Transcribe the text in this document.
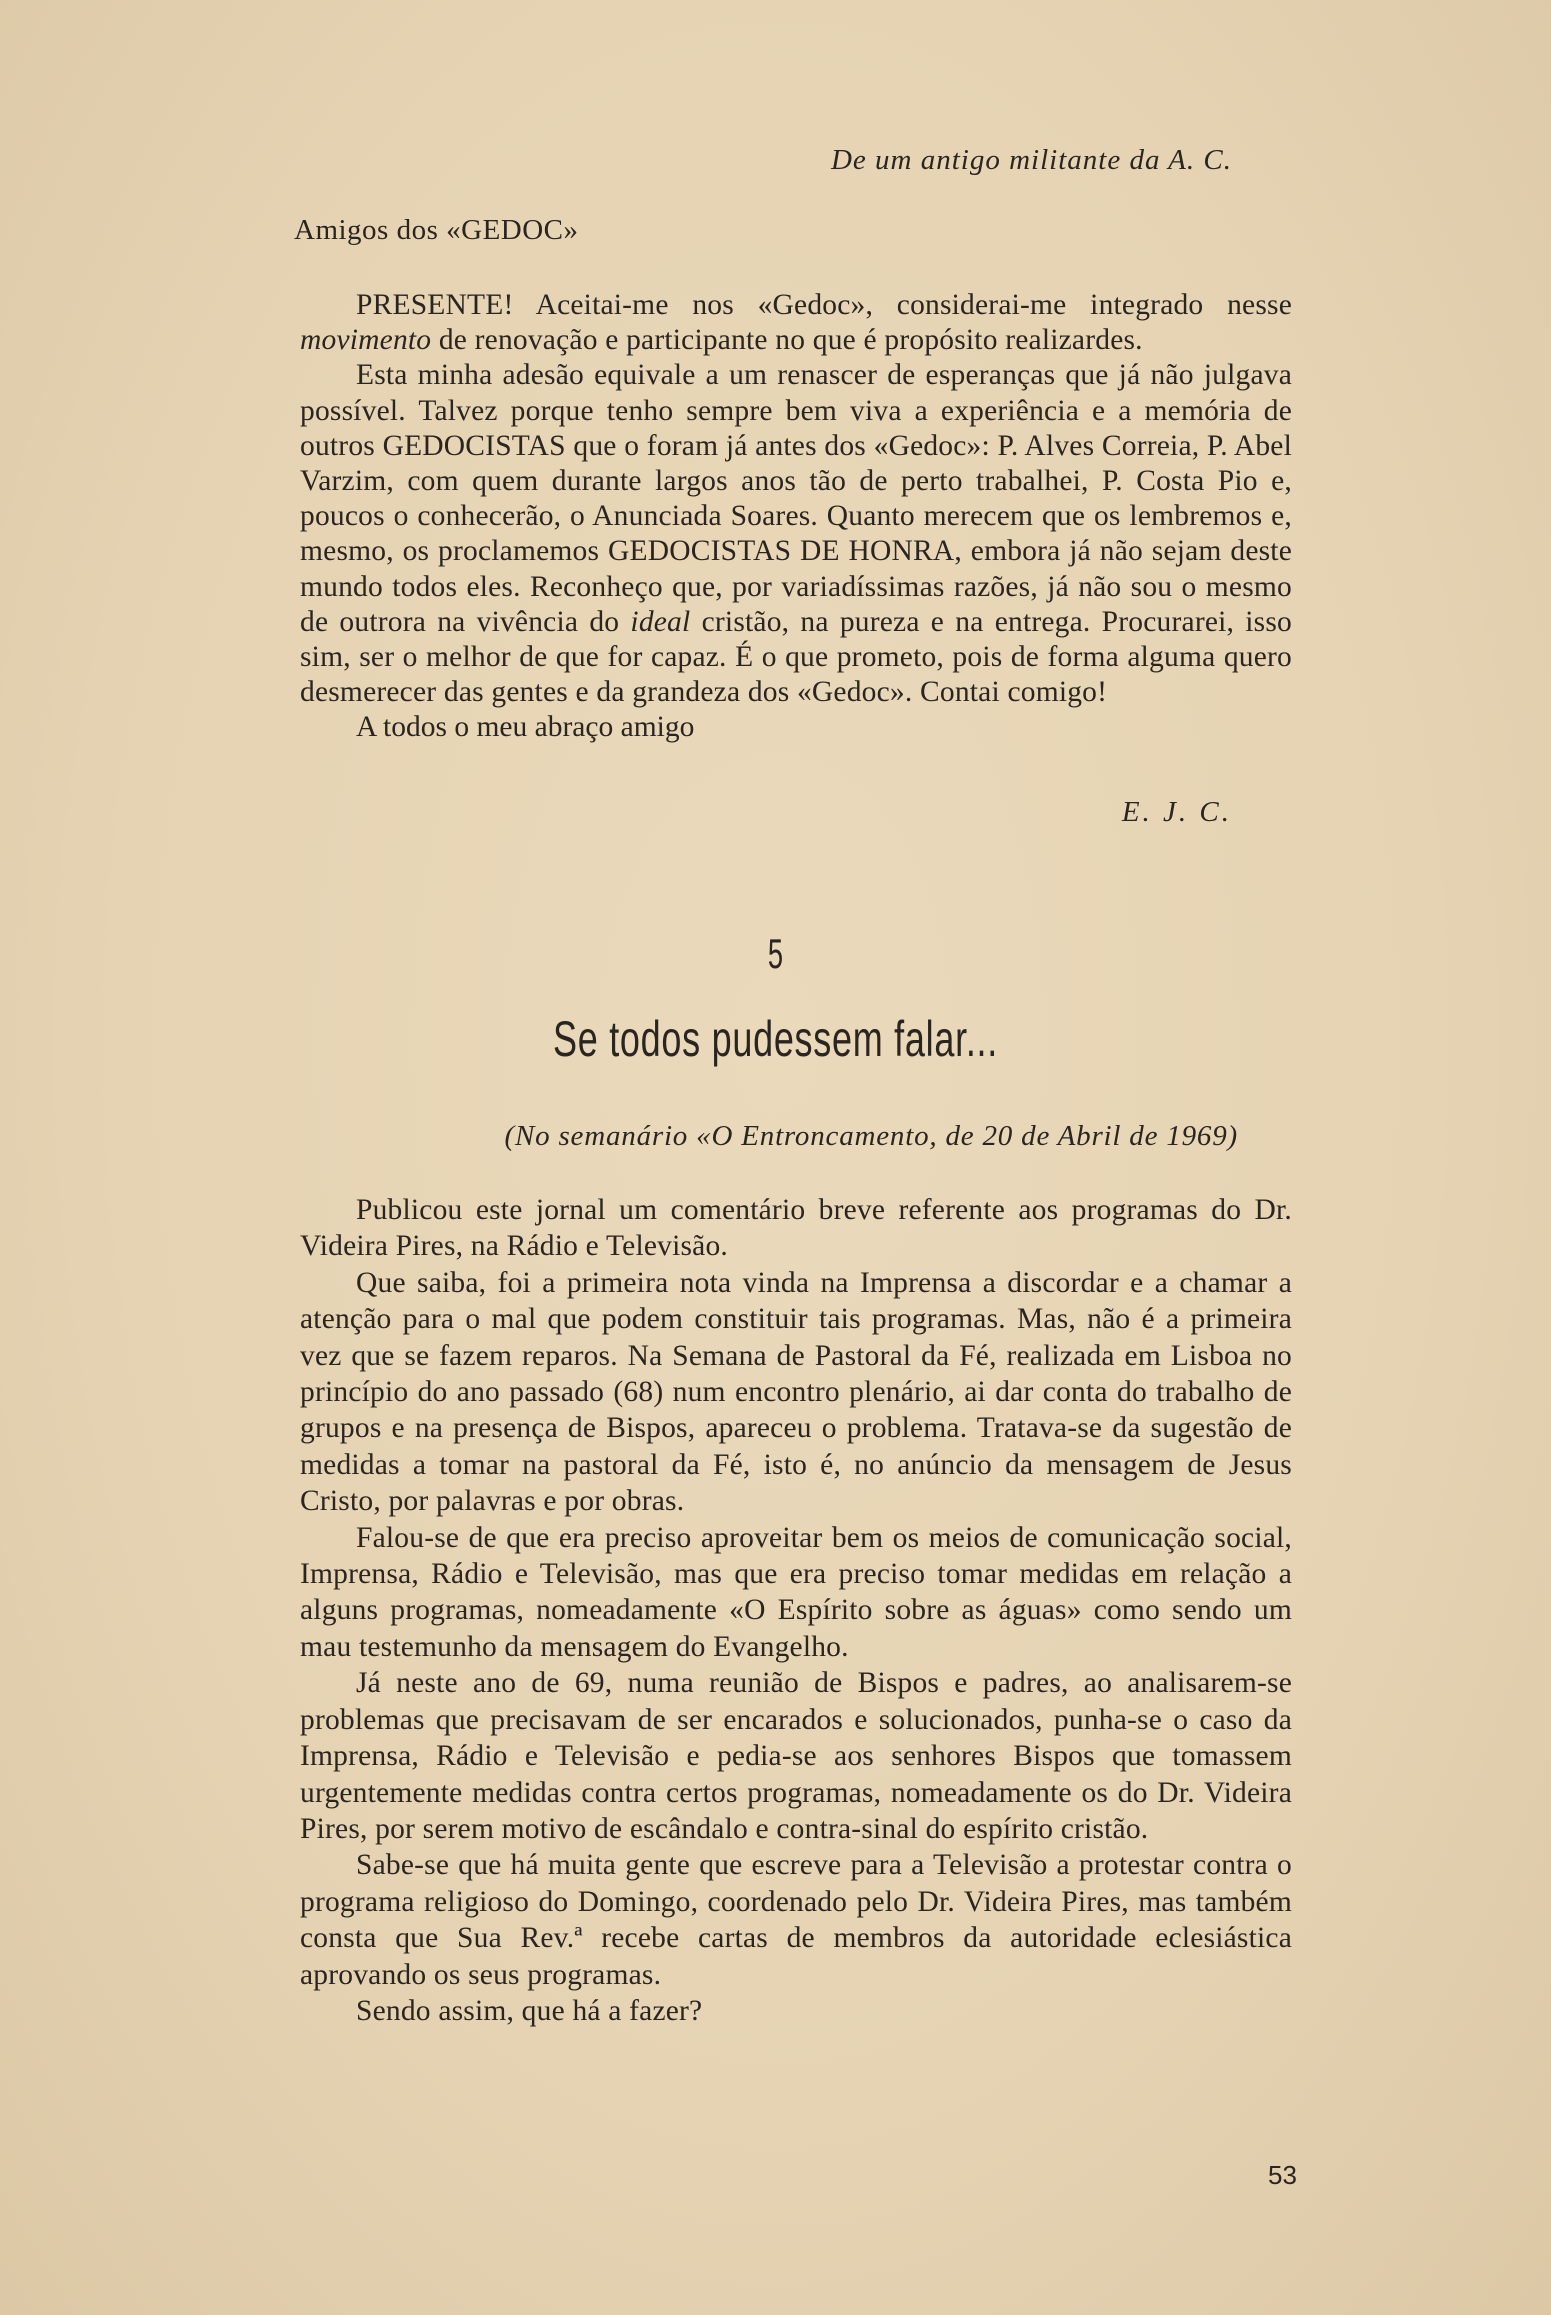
De um antigo militante da A. C.
Amigos dos «GEDOC»

PRESENTE! Aceitai-me nos «Gedoc», considerai-me integrado nesse movimento de renovação e participante no que é propósito realizardes.

Esta minha adesão equivale a um renascer de esperanças que já não julgava possível. Talvez porque tenho sempre bem viva a experiência e a memória de outros GEDOCISTAS que o foram já antes dos «Gedoc»: P. Alves Correia, P. Abel Varzim, com quem durante largos anos tão de perto trabalhei, P. Costa Pio e, poucos o conhecerão, o Anunciada Soares. Quanto merecem que os lembremos e, mesmo, os proclamemos GEDOCISTAS DE HONRA, embora já não sejam deste mundo todos eles. Reconheço que, por variadíssimas razões, já não sou o mesmo de outrora na vivência do ideal cristão, na pureza e na entrega. Procurarei, isso sim, ser o melhor de que for capaz. É o que prometo, pois de forma alguma quero desmerecer das gentes e da grandeza dos «Gedoc». Contai comigo!

A todos o meu abraço amigo
E. J. C.
5
Se todos pudessem falar...
(No semanário «O Entroncamento, de 20 de Abril de 1969)

Publicou este jornal um comentário breve referente aos programas do Dr. Videira Pires, na Rádio e Televisão.

Que saiba, foi a primeira nota vinda na Imprensa a discordar e a chamar a atenção para o mal que podem constituir tais programas. Mas, não é a primeira vez que se fazem reparos. Na Semana de Pastoral da Fé, realizada em Lisboa no princípio do ano passado (68) num encontro plenário, ai dar conta do trabalho de grupos e na presença de Bispos, apareceu o problema. Tratava-se da sugestão de medidas a tomar na pastoral da Fé, isto é, no anúncio da mensagem de Jesus Cristo, por palavras e por obras.

Falou-se de que era preciso aproveitar bem os meios de comunicação social, Imprensa, Rádio e Televisão, mas que era preciso tomar medidas em relação a alguns programas, nomeadamente «O Espírito sobre as águas» como sendo um mau testemunho da mensagem do Evangelho.

Já neste ano de 69, numa reunião de Bispos e padres, ao analisarem-se problemas que precisavam de ser encarados e solucionados, punha-se o caso da Imprensa, Rádio e Televisão e pedia-se aos senhores Bispos que tomassem urgentemente medidas contra certos programas, nomeadamente os do Dr. Videira Pires, por serem motivo de escândalo e contra-sinal do espírito cristão.

Sabe-se que há muita gente que escreve para a Televisão a protestar contra o programa religioso do Domingo, coordenado pelo Dr. Videira Pires, mas também consta que Sua Rev.ª recebe cartas de membros da autoridade eclesiástica aprovando os seus programas.

Sendo assim, que há a fazer?

53
